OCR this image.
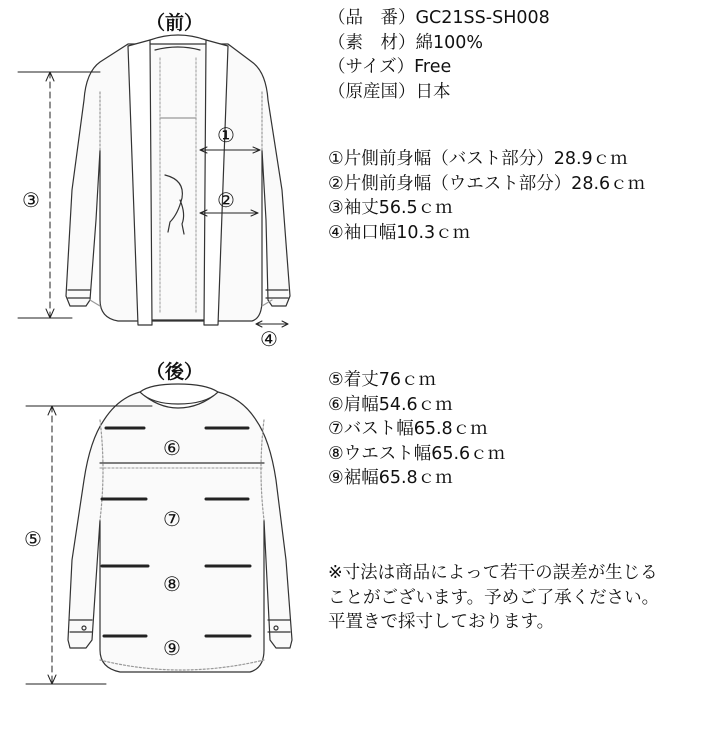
（前）
（後）
①
②
③
④
⑤
⑥
⑦
⑧
⑨
（品　番）GC21SS-SH008
（素　材）綿100%
（サイズ）Free
（原産国）日本
①片側前身幅（バスト部分）28.9ｃｍ
②片側前身幅（ウエスト部分）28.6ｃｍ
③袖丈56.5ｃｍ
④袖口幅10.3ｃｍ
⑤着丈76ｃｍ
⑥肩幅54.6ｃｍ
⑦バスト幅65.8ｃｍ
⑧ウエスト幅65.6ｃｍ
⑨裾幅65.8ｃｍ
※寸法は商品によって若干の誤差が生じる
ことがございます。予めご了承ください。
平置きで採寸しております。
